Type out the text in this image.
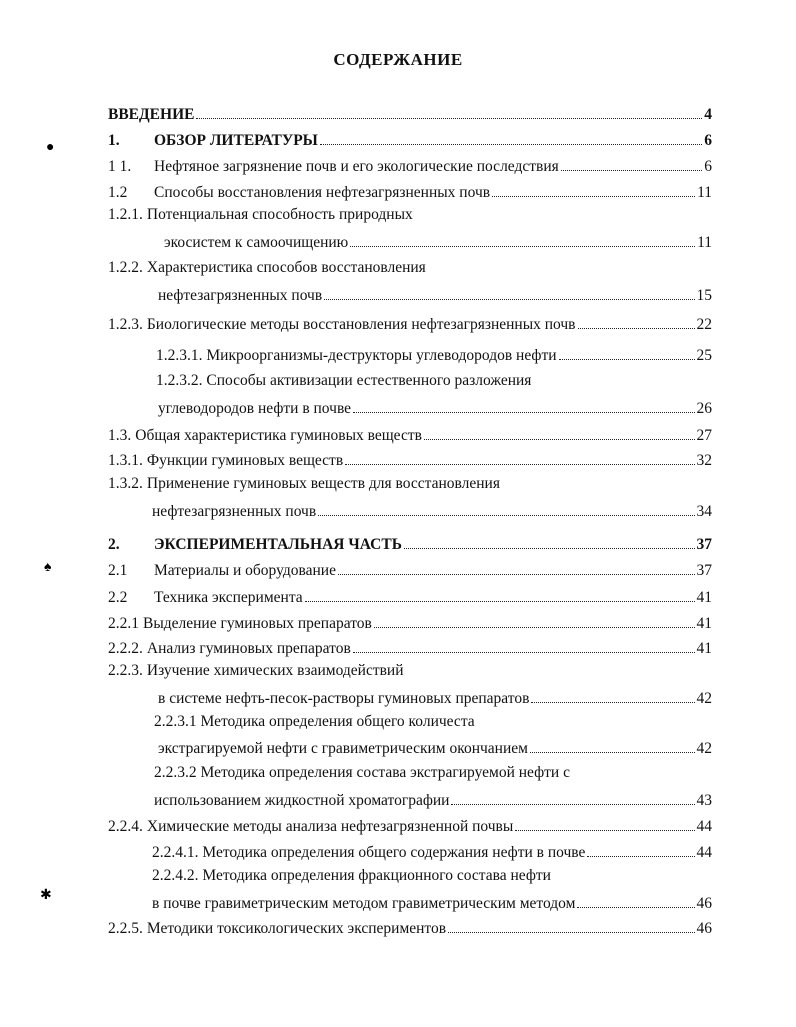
СОДЕРЖАНИЕ
ВВЕДЕНИЕ	4
1.	ОБЗОР ЛИТЕРАТУРЫ	6
1 1.	Нефтяное загрязнение почв и его экологические последствия	6
1.2	Способы восстановления нефтезагрязненных почв	11
1.2.1. Потенциальная способность природных
экосистем к самоочищению	11
1.2.2. Характеристика способов восстановления
нефтезагрязненных почв	15
1.2.3. Биологические методы восстановления нефтезагрязненных почв	22
1.2.3.1. Микроорганизмы-деструкторы углеводородов нефти	25
1.2.3.2. Способы активизации естественного разложения
углеводородов нефти в почве	26
1.3. Общая характеристика гуминовых веществ	27
1.3.1. Функции гуминовых веществ	32
1.3.2. Применение гуминовых веществ для восстановления
нефтезагрязненных почв	34
2.	ЭКСПЕРИМЕНТАЛЬНАЯ ЧАСТЬ	37
2.1	Материалы и оборудование	37
2.2	Техника эксперимента	41
2.2.1 Выделение гуминовых препаратов	41
2.2.2. Анализ гуминовых препаратов	41
2.2.3. Изучение химических взаимодействий
в системе нефть-песок-растворы гуминовых препаратов	42
2.2.3.1 Методика определения общего количеста
экстрагируемой нефти с гравиметрическим окончанием	42
2.2.3.2 Методика определения состава экстрагируемой нефти с
использованием жидкостной хроматографии	43
2.2.4. Химические методы анализа нефтезагрязненной почвы	44
2.2.4.1. Методика определения общего содержания нефти в почве	44
2.2.4.2. Методика определения фракционного состава нефти
в почве гравиметрическим методом гравиметрическим методом	46
2.2.5. Методики токсикологических экспериментов	46
●
♠
✱
